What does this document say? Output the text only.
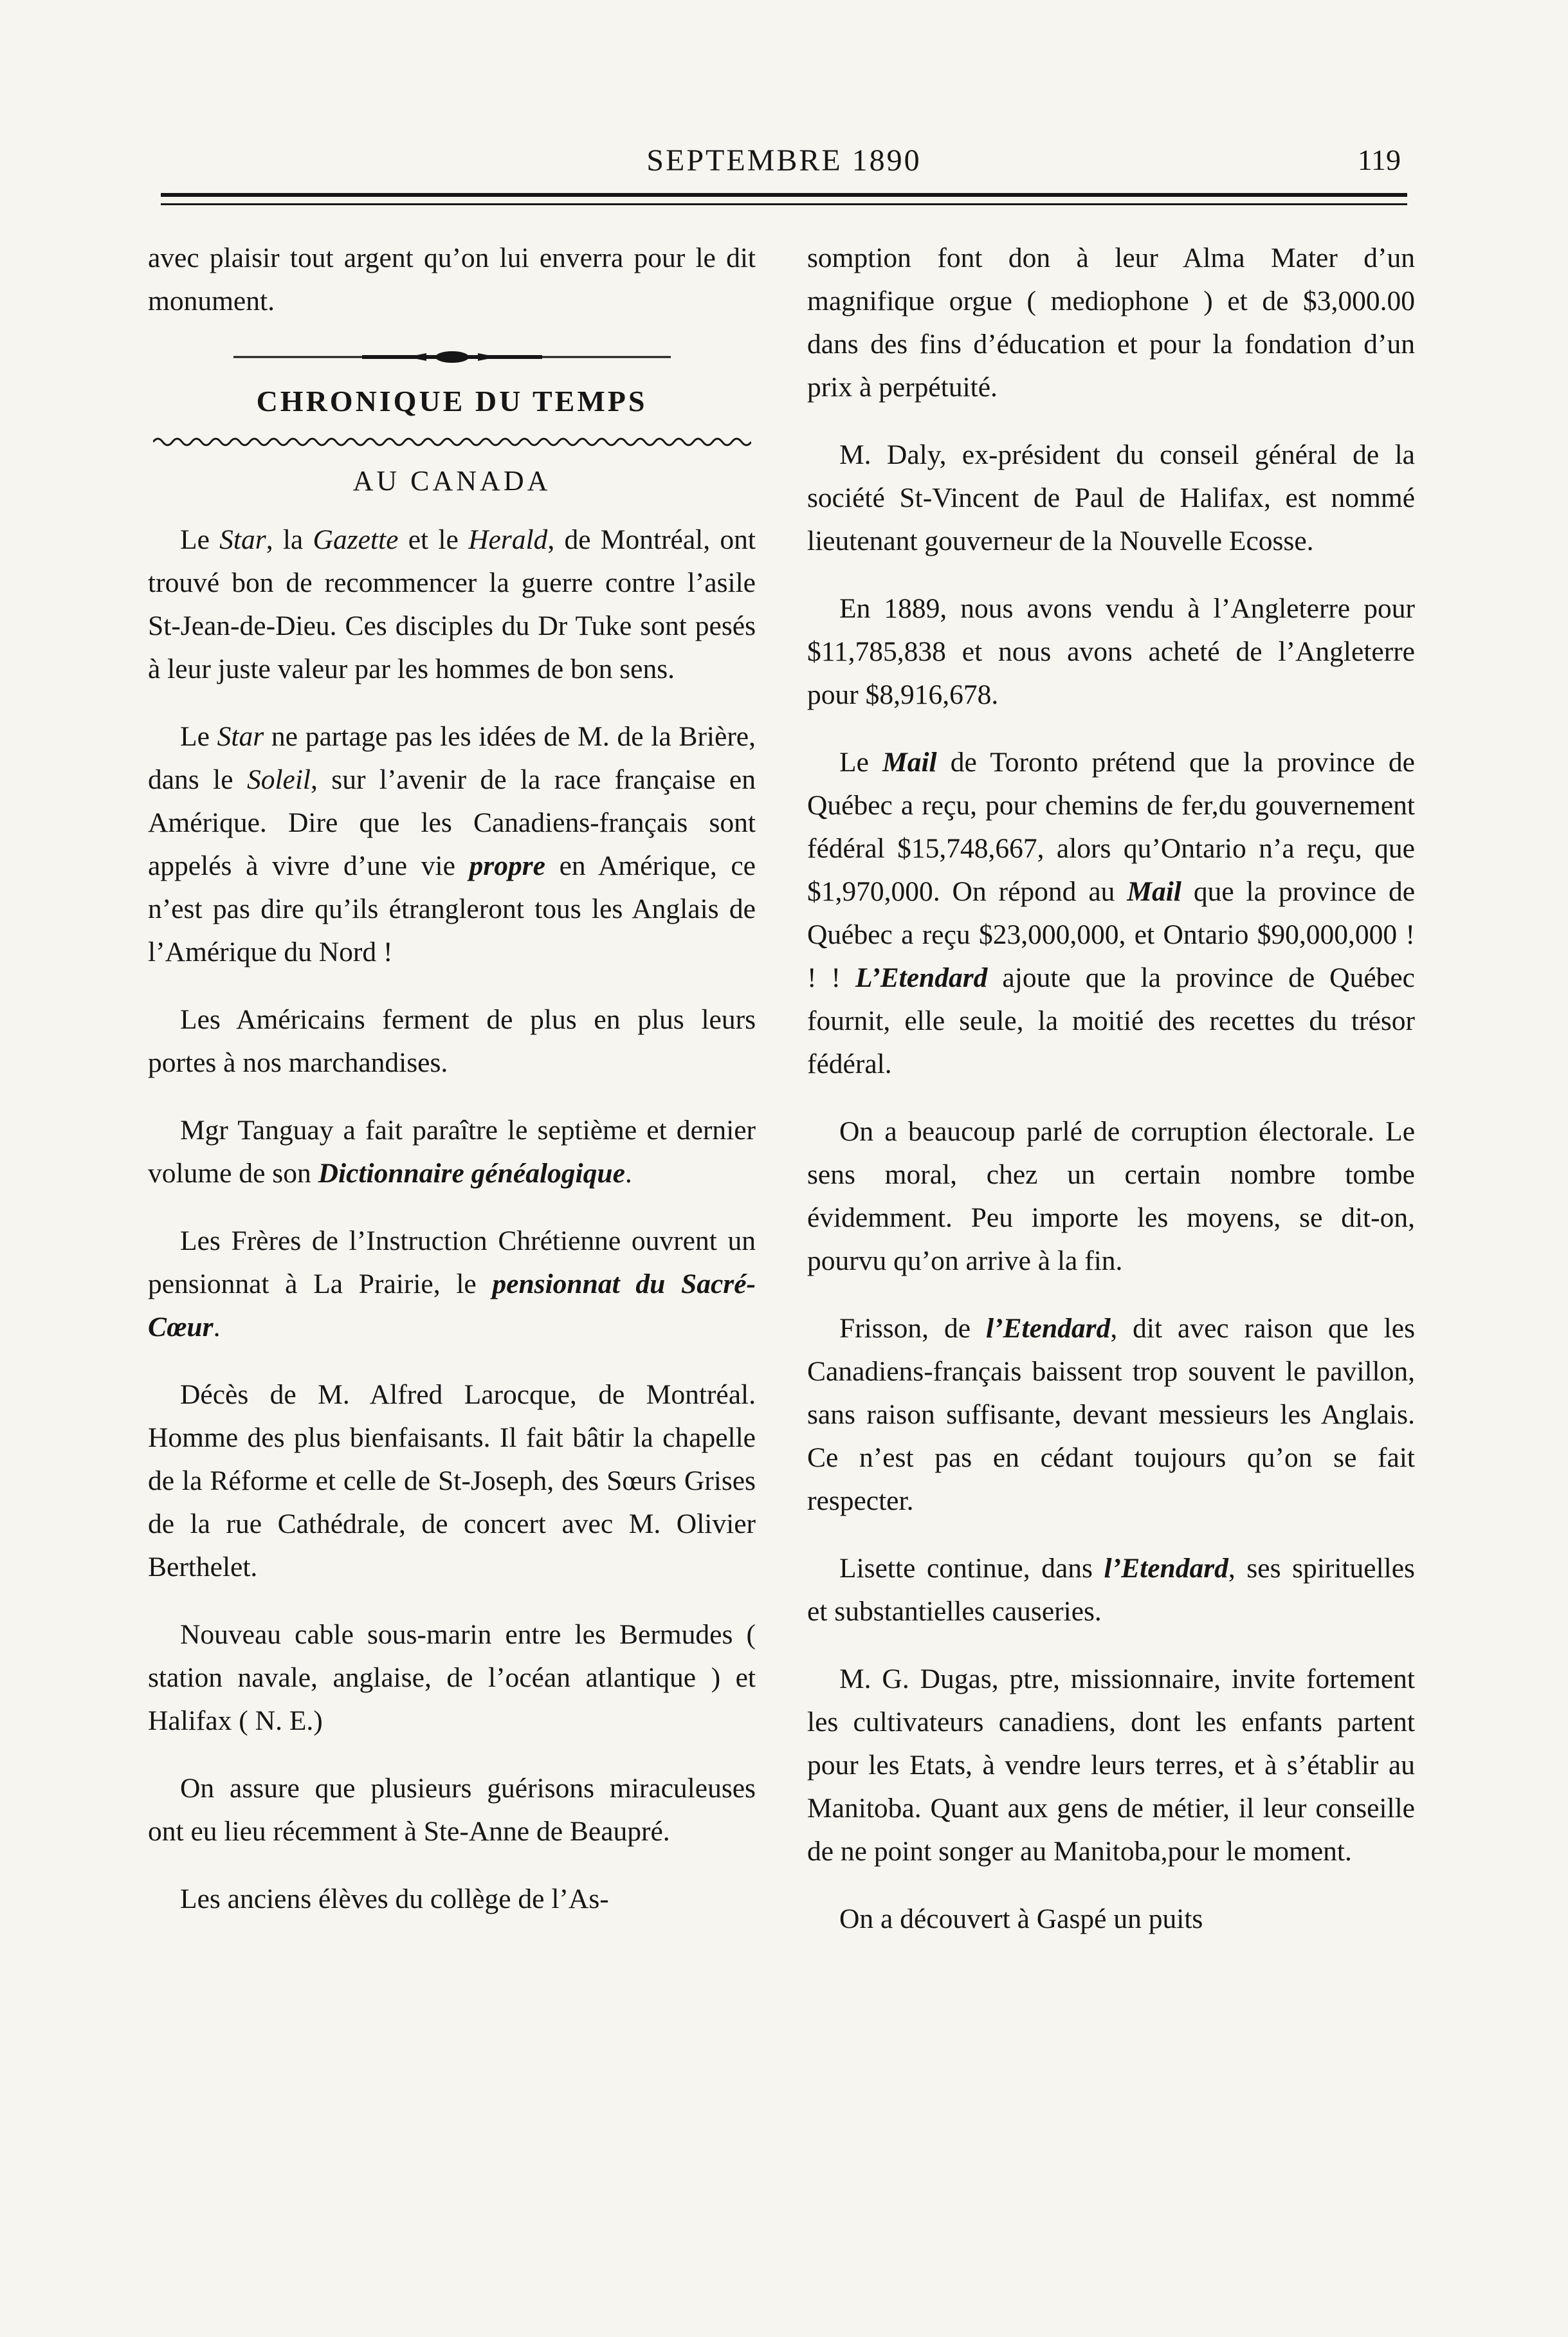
SEPTEMBRE 1890	119

avec plaisir tout argent qu’on lui enverra pour le dit monument.

CHRONIQUE DU TEMPS
AU CANADA

Le Star, la Gazette et le Herald, de Montréal, ont trouvé bon de recommencer la guerre contre l’asile St-Jean-de-Dieu. Ces disciples du Dr Tuke sont pesés à leur juste valeur par les hommes de bon sens.

Le Star ne partage pas les idées de M. de la Brière, dans le Soleil, sur l’avenir de la race française en Amérique. Dire que les Canadiens-français sont appelés à vivre d’une vie propre en Amérique, ce n’est pas dire qu’ils étrangleront tous les Anglais de l’Amérique du Nord !

Les Américains ferment de plus en plus leurs portes à nos marchandises.

Mgr Tanguay a fait paraître le septième et dernier volume de son Dictionnaire généalogique.

Les Frères de l’Instruction Chrétienne ouvrent un pensionnat à La Prairie, le pensionnat du Sacré-Cœur.

Décès de M. Alfred Larocque, de Montréal. Homme des plus bienfaisants. Il fait bâtir la chapelle de la Réforme et celle de St-Joseph, des Sœurs Grises de la rue Cathédrale, de concert avec M. Olivier Berthelet.

Nouveau cable sous-marin entre les Bermudes ( station navale, anglaise, de l’océan atlantique ) et Halifax ( N. E.)

On assure que plusieurs guérisons miraculeuses ont eu lieu récemment à Ste-Anne de Beaupré.

Les anciens élèves du collège de l’As-

somption font don à leur Alma Mater d’un magnifique orgue ( mediophone ) et de $3,000.00 dans des fins d’éducation et pour la fondation d’un prix à perpétuité.

M. Daly, ex-président du conseil général de la société St-Vincent de Paul de Halifax, est nommé lieutenant gouverneur de la Nouvelle Ecosse.

En 1889, nous avons vendu à l’Angleterre pour $11,785,838 et nous avons acheté de l’Angleterre pour $8,916,678.

Le Mail de Toronto prétend que la province de Québec a reçu, pour chemins de fer,du gouvernement fédéral $15,748,667, alors qu’Ontario n’a reçu, que $1,970,000. On répond au Mail que la province de Québec a reçu $23,000,000, et Ontario $90,000,000 ! ! ! L’Etendard ajoute que la province de Québec fournit, elle seule, la moitié des recettes du trésor fédéral.

On a beaucoup parlé de corruption électorale. Le sens moral, chez un certain nombre tombe évidemment. Peu importe les moyens, se dit-on, pourvu qu’on arrive à la fin.

Frisson, de l’Etendard, dit avec raison que les Canadiens-français baissent trop souvent le pavillon, sans raison suffisante, devant messieurs les Anglais. Ce n’est pas en cédant toujours qu’on se fait respecter.

Lisette continue, dans l’Etendard, ses spirituelles et substantielles causeries.

M. G. Dugas, ptre, missionnaire, invite fortement les cultivateurs canadiens, dont les enfants partent pour les Etats, à vendre leurs terres, et à s’établir au Manitoba. Quant aux gens de métier, il leur conseille de ne point songer au Manitoba,pour le moment.

On a découvert à Gaspé un puits
